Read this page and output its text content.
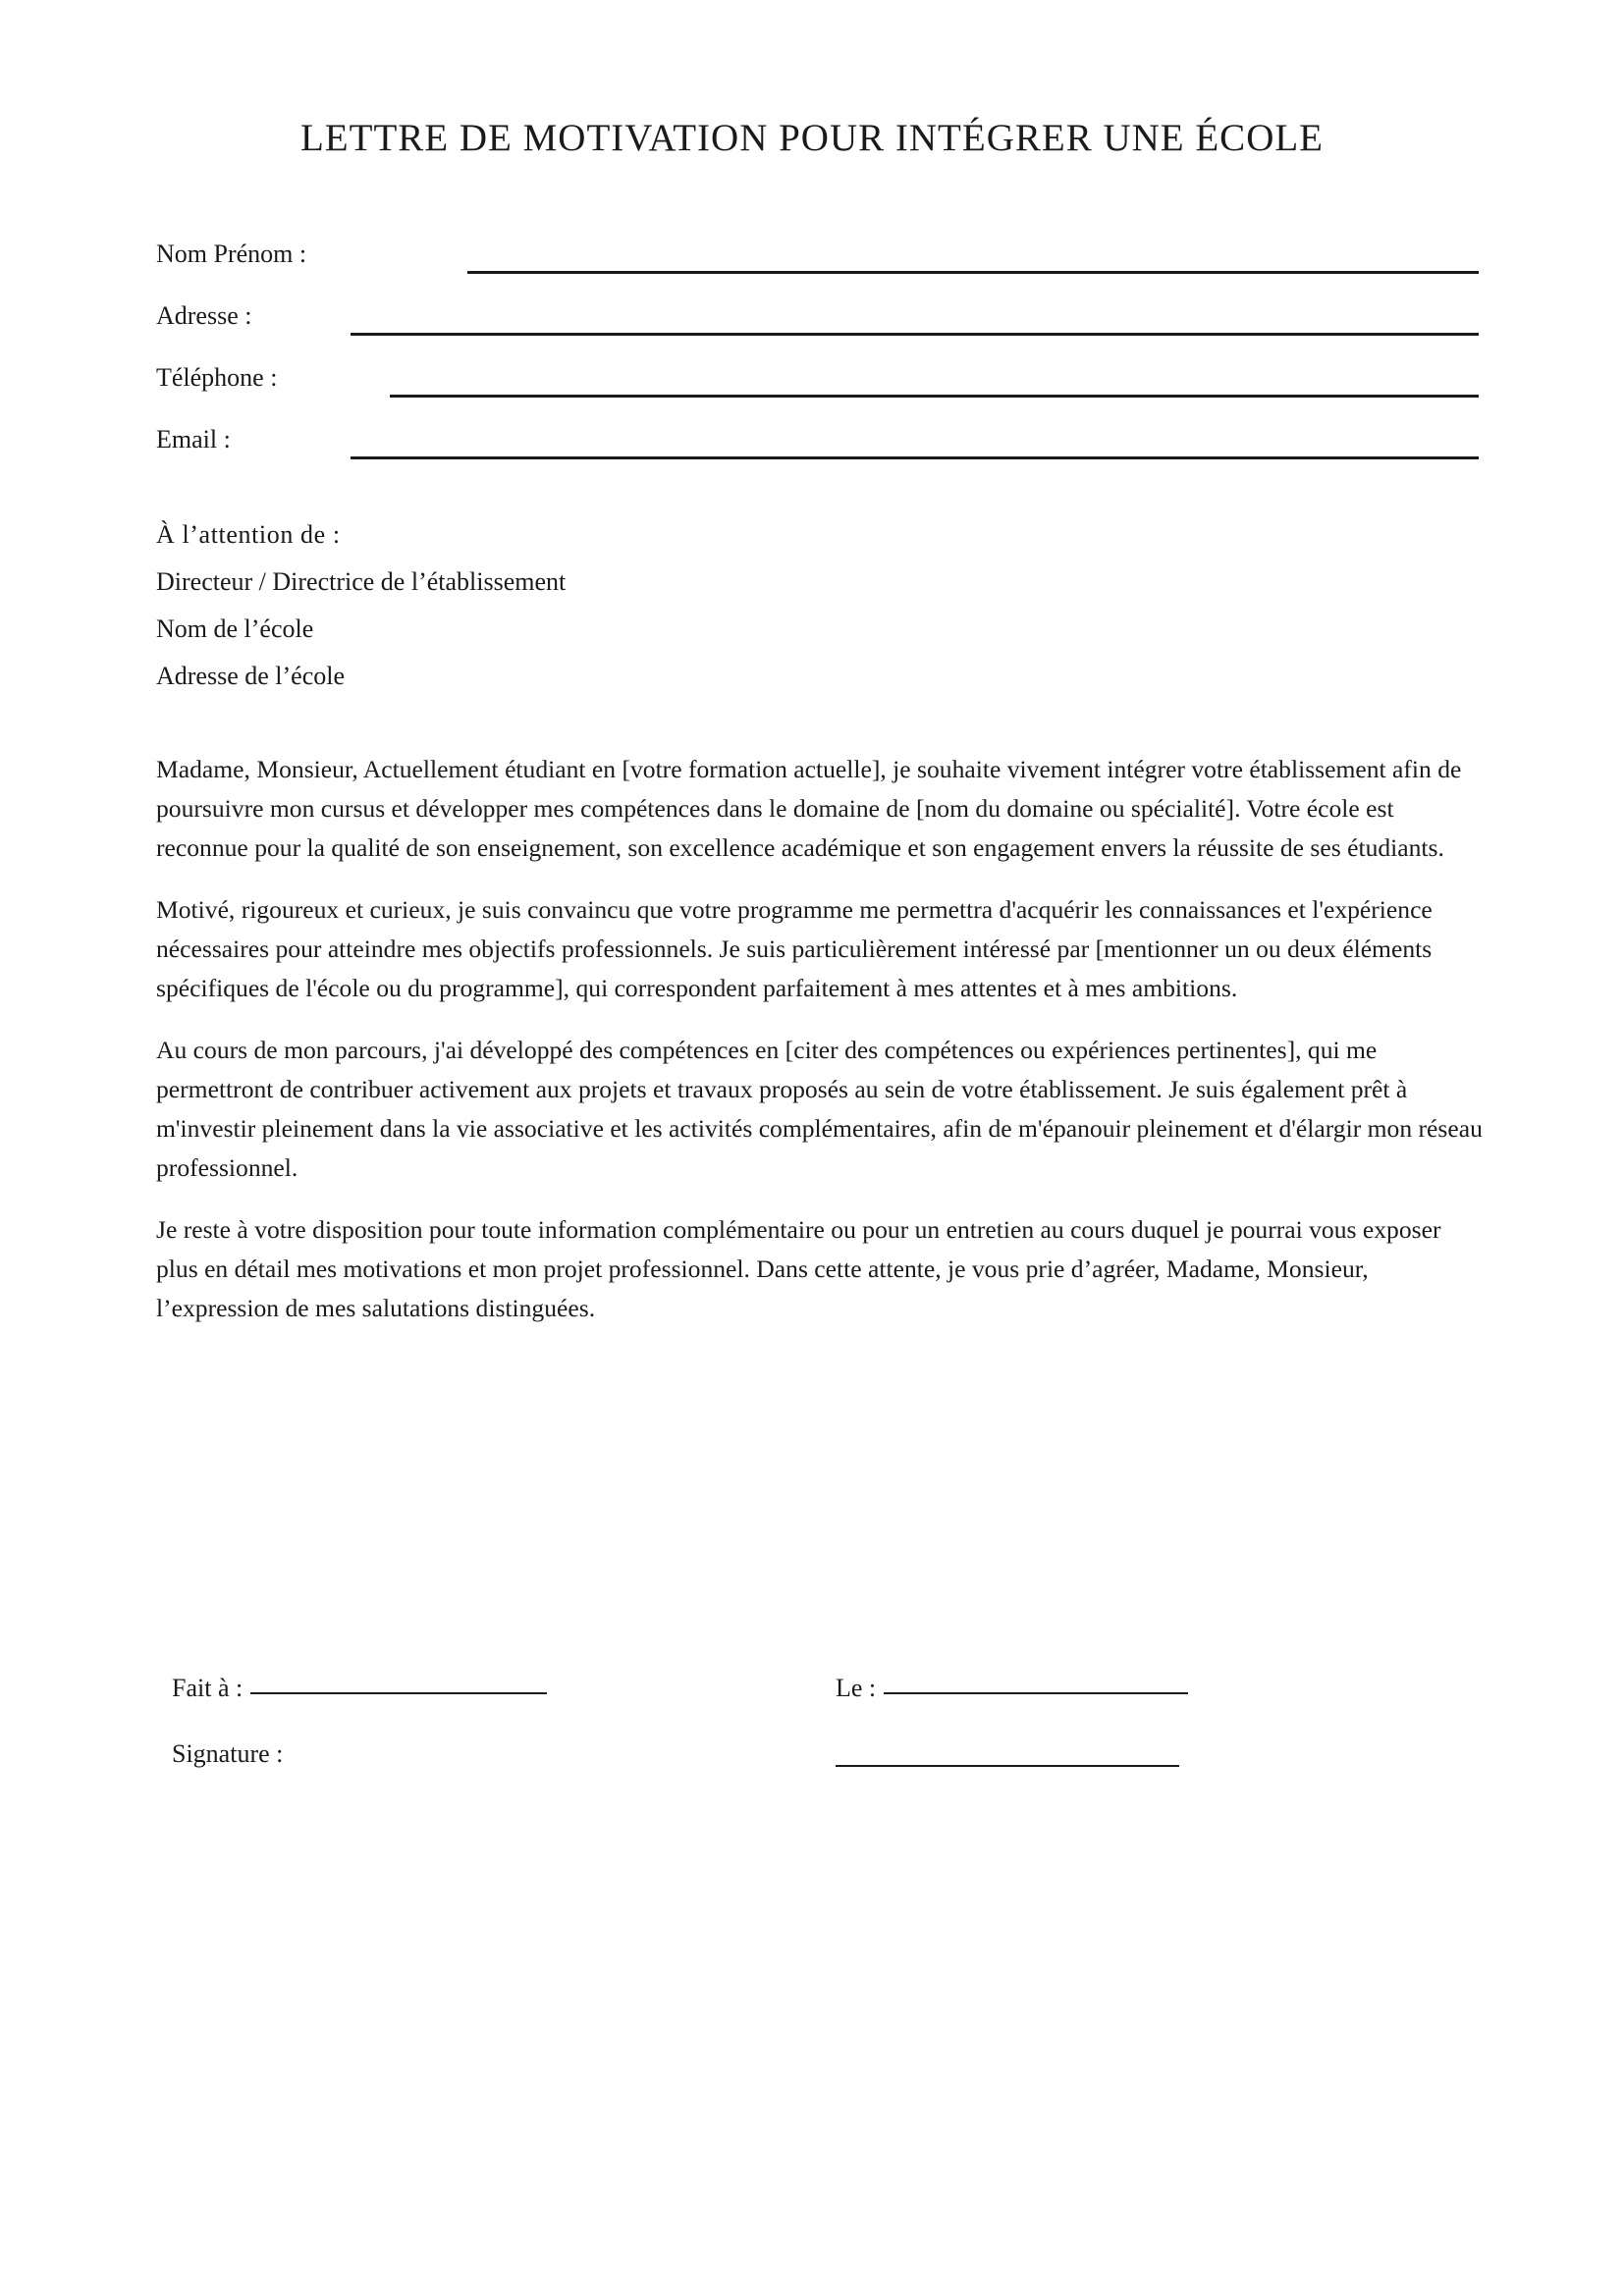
LETTRE DE MOTIVATION POUR INTÉGRER UNE ÉCOLE
Nom Prénom :
Adresse :
Téléphone :
Email :
À l’attention de :
Directeur / Directrice de l’établissement
Nom de l’école
Adresse de l’école

Madame, Monsieur, Actuellement étudiant en [votre formation actuelle], je souhaite vivement intégrer votre établissement afin de poursuivre mon cursus et développer mes compétences dans le domaine de [nom du domaine ou spécialité]. Votre école est reconnue pour la qualité de son enseignement, son excellence académique et son engagement envers la réussite de ses étudiants.

Motivé, rigoureux et curieux, je suis convaincu que votre programme me permettra d'acquérir les connaissances et l'expérience nécessaires pour atteindre mes objectifs professionnels. Je suis particulièrement intéressé par [mentionner un ou deux éléments spécifiques de l'école ou du programme], qui correspondent parfaitement à mes attentes et à mes ambitions.

Au cours de mon parcours, j'ai développé des compétences en [citer des compétences ou expériences pertinentes], qui me permettront de contribuer activement aux projets et travaux proposés au sein de votre établissement. Je suis également prêt à m'investir pleinement dans la vie associative et les activités complémentaires, afin de m'épanouir pleinement et d'élargir mon réseau professionnel.

Je reste à votre disposition pour toute information complémentaire ou pour un entretien au cours duquel je pourrai vous exposer plus en détail mes motivations et mon projet professionnel. Dans cette attente, je vous prie d’agréer, Madame, Monsieur, l’expression de mes salutations distinguées.

Fait à :	Le :
Signature :
